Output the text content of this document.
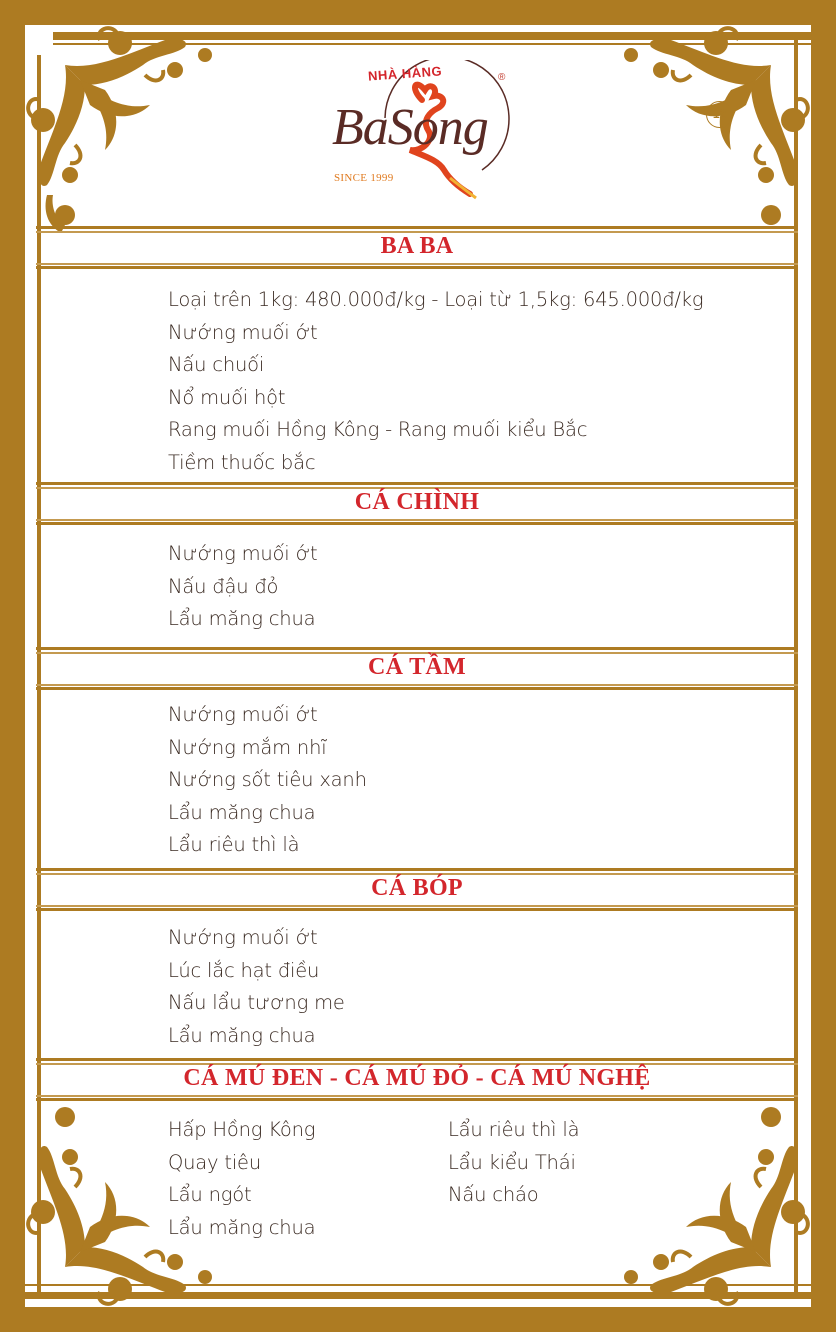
NHÀ HÀNG
BaSong
®
SINCE 1999
12
BA BA
Loại trên 1kg: 480.000đ/kg - Loại từ 1,5kg: 645.000đ/kg
Nướng muối ớt
Nấu chuối
Nổ muối hột
Rang muối Hồng Kông - Rang muối kiểu Bắc
Tiềm thuốc bắc
CÁ CHÌNH
Nướng muối ớt
Nấu đậu đỏ
Lẩu măng chua
CÁ TẦM
Nướng muối ớt
Nướng mắm nhĩ
Nướng sốt tiêu xanh
Lẩu măng chua
Lẩu riêu thì là
CÁ BÓP
Nướng muối ớt
Lúc lắc hạt điều
Nấu lẩu tương me
Lẩu măng chua
CÁ MÚ ĐEN - CÁ MÚ ĐỎ - CÁ MÚ NGHỆ
Hấp Hồng Kông
Quay tiêu
Lẩu ngót
Lẩu măng chua
Lẩu riêu thì là
Lẩu kiểu Thái
Nấu cháo
